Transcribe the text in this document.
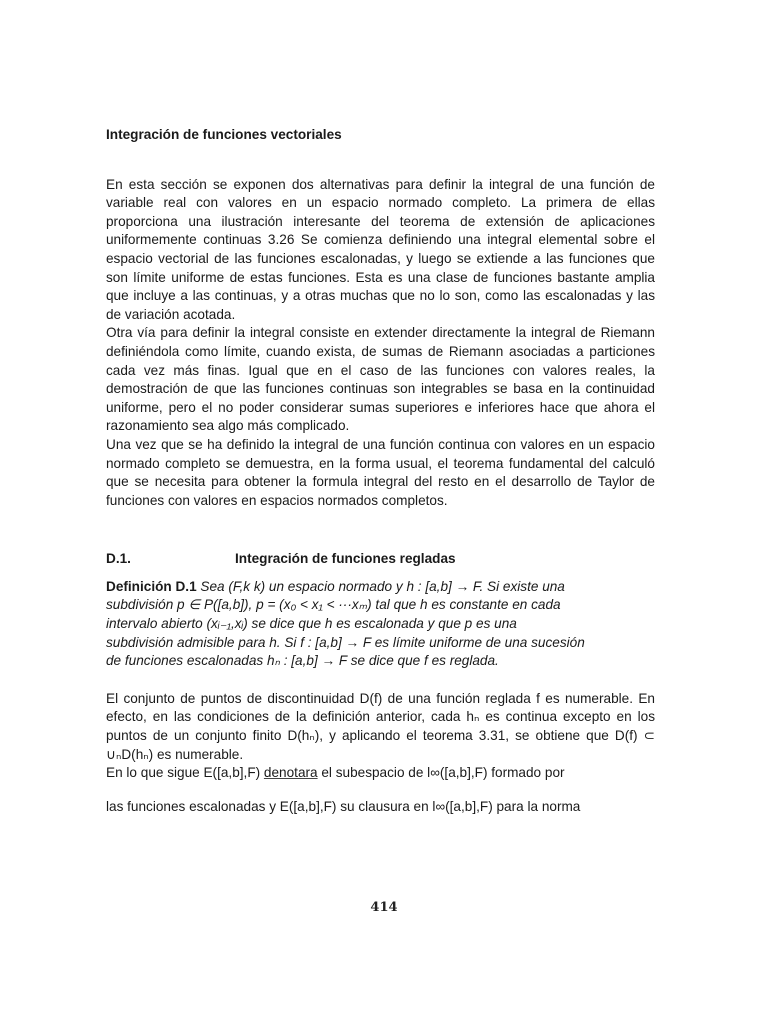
Integración de funciones vectoriales

En esta sección se exponen dos alternativas para definir la integral de una función de variable real con valores en un espacio normado completo. La primera de ellas proporciona una ilustración interesante del teorema de extensión de aplicaciones uniformemente continuas 3.26 Se comienza definiendo una integral elemental sobre el espacio vectorial de las funciones escalonadas, y luego se extiende a las funciones que son límite uniforme de estas funciones. Esta es una clase de funciones bastante amplia que incluye a las continuas, y a otras muchas que no lo son, como las escalonadas y las de variación acotada.

Otra vía para definir la integral consiste en extender directamente la integral de Riemann definiéndola como límite, cuando exista, de sumas de Riemann asociadas a particiones cada vez más finas. Igual que en el caso de las funciones con valores reales, la demostración de que las funciones continuas son integrables se basa en la continuidad uniforme, pero el no poder considerar sumas superiores e inferiores hace que ahora el razonamiento sea algo más complicado.

Una vez que se ha definido la integral de una función continua con valores en un espacio normado completo se demuestra, en la forma usual, el teorema fundamental del calculó que se necesita para obtener la formula integral del resto en el desarrollo de Taylor de funciones con valores en espacios normados completos.

D.1.	Integración de funciones regladas

Definición D.1 Sea (F,k k) un espacio normado y h : [a,b] → F. Si existe una

subdivisión p ∈ P([a,b]), p = (x₀ < x₁ < ···xₘ) tal que h es constante en cada

intervalo abierto (xᵢ₋₁,xᵢ) se dice que h es escalonada y que p es una

subdivisión admisible para h. Si f : [a,b] → F es límite uniforme de una sucesión

de funciones escalonadas hₙ : [a,b] → F se dice que f es reglada.

El conjunto de puntos de discontinuidad D(f) de una función reglada f es numerable. En efecto, en las condiciones de la definición anterior, cada hₙ es continua excepto en los puntos de un conjunto finito D(hₙ), y aplicando el teorema 3.31, se obtiene que D(f) ⊂ ∪ₙD(hₙ) es numerable.

En lo que sigue E([a,b],F) denotara el subespacio de l∞([a,b],F) formado por

las funciones escalonadas y E([a,b],F) su clausura en l∞([a,b],F) para la norma

414
